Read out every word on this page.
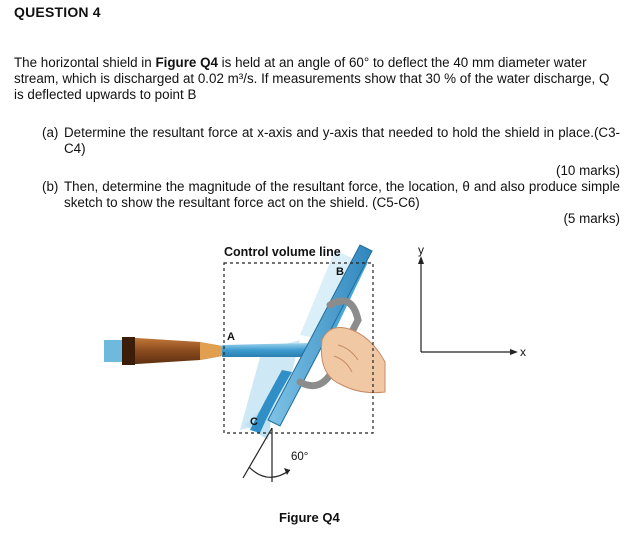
QUESTION 4
The horizontal shield in Figure Q4 is held at an angle of 60° to deflect the 40 mm diameter water stream, which is discharged at 0.02 m³/s. If measurements show that 30 % of the water discharge, Q is deflected upwards to point B
(a) Determine the resultant force at x-axis and y-axis that needed to hold the shield in place.(C3-C4)
(10 marks)
(b) Then, determine the magnitude of the resultant force, the location, θ and also produce simple sketch to show the resultant force act on the shield. (C5-C6)
(5 marks)
Control volume line
B
A
C
60°
y
x
Figure Q4
